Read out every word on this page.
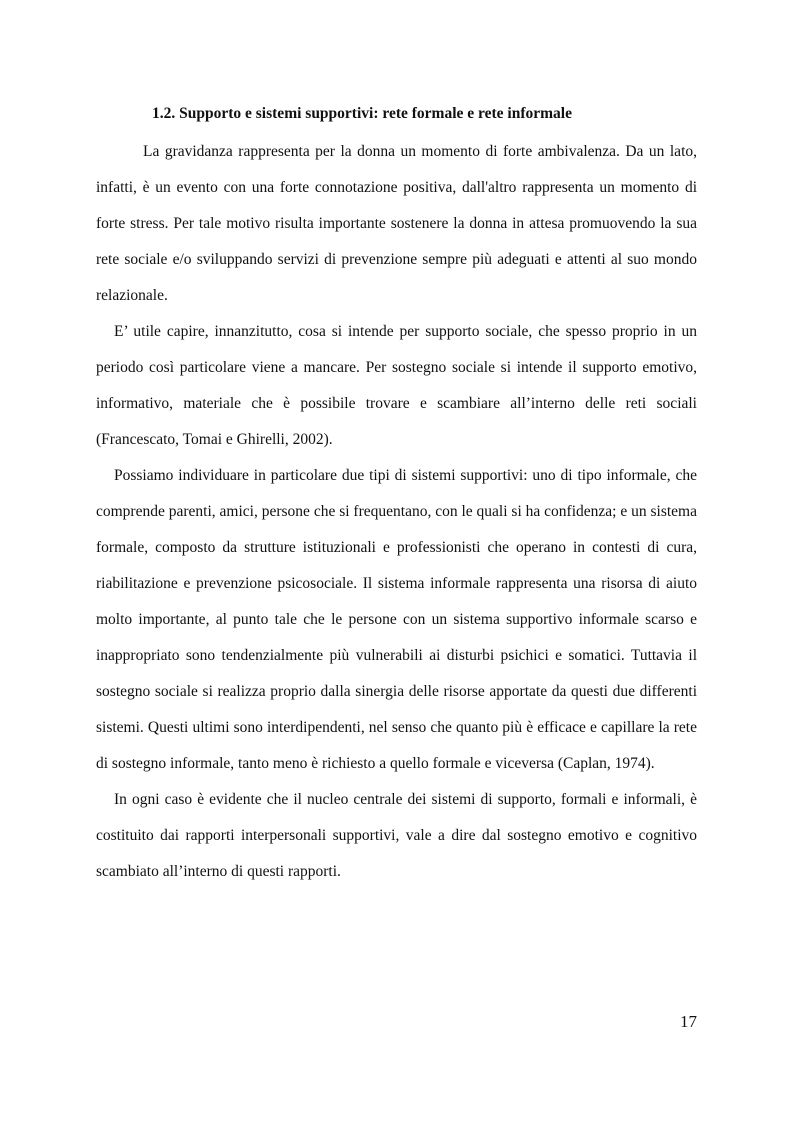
1.2. Supporto e sistemi supportivi: rete formale e rete informale

La gravidanza rappresenta per la donna un momento di forte ambivalenza. Da un lato, infatti, è un evento con una forte connotazione positiva, dall'altro rappresenta un momento di forte stress. Per tale motivo risulta importante sostenere la donna in attesa promuovendo la sua rete sociale e/o sviluppando servizi di prevenzione sempre più adeguati e attenti al suo mondo relazionale.

E’ utile capire, innanzitutto, cosa si intende per supporto sociale, che spesso proprio in un periodo così particolare viene a mancare. Per sostegno sociale si intende il supporto emotivo, informativo, materiale che è possibile trovare e scambiare all’interno delle reti sociali (Francescato, Tomai e Ghirelli, 2002).

Possiamo individuare in particolare due tipi di sistemi supportivi: uno di tipo informale, che comprende parenti, amici, persone che si frequentano, con le quali si ha confidenza; e un sistema formale, composto da strutture istituzionali e professionisti che operano in contesti di cura, riabilitazione e prevenzione psicosociale. Il sistema informale rappresenta una risorsa di aiuto molto importante, al punto tale che le persone con un sistema supportivo informale scarso e inappropriato sono tendenzialmente più vulnerabili ai disturbi psichici e somatici. Tuttavia il sostegno sociale si realizza proprio dalla sinergia delle risorse apportate da questi due differenti sistemi. Questi ultimi sono interdipendenti, nel senso che quanto più è efficace e capillare la rete di sostegno informale, tanto meno è richiesto a quello formale e viceversa (Caplan, 1974).

In ogni caso è evidente che il nucleo centrale dei sistemi di supporto, formali e informali, è costituito dai rapporti interpersonali supportivi, vale a dire dal sostegno emotivo e cognitivo scambiato all’interno di questi rapporti.

17
